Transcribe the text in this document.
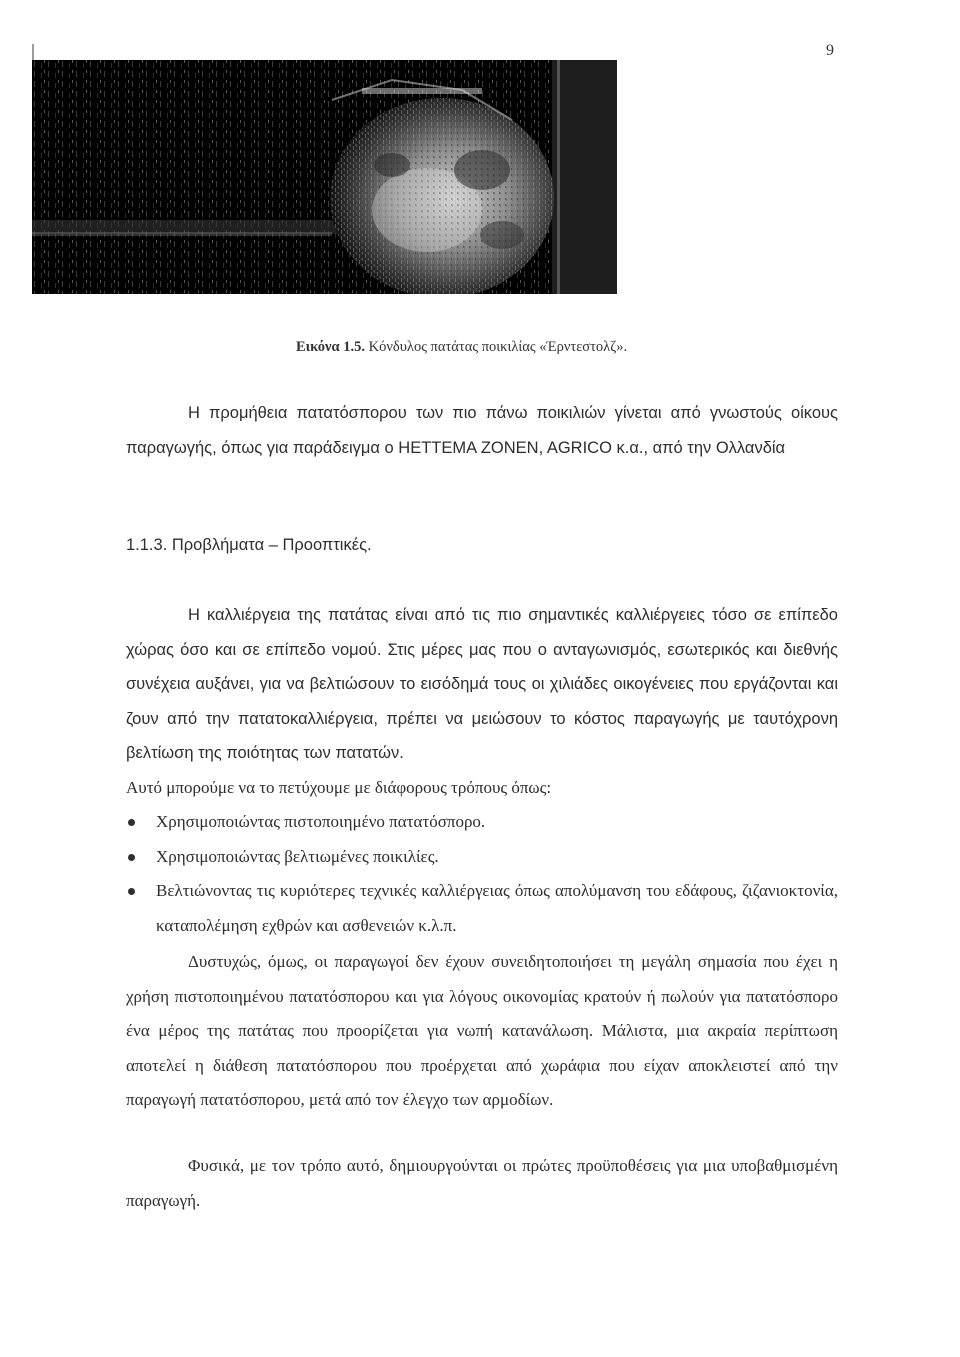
9
Εικόνα 1.5. Κόνδυλος πατάτας ποικιλίας «Έρντεστολζ».
Η προμήθεια πατατόσπορου των πιο πάνω ποικιλιών γίνεται από γνωστούς οίκους παραγωγής, όπως για παράδειγμα ο HETTEMA ZONEN, AGRICO κ.α., από την Ολλανδία
1.1.3. Προβλήματα – Προοπτικές.
Η καλλιέργεια της πατάτας είναι από τις πιο σημαντικές καλλιέργειες τόσο σε επίπεδο χώρας όσο και σε επίπεδο νομού. Στις μέρες μας που ο ανταγωνισμός, εσωτερικός και διεθνής συνέχεια αυξάνει, για να βελτιώσουν το εισόδημά τους οι χιλιάδες οικογένειες που εργάζονται και ζουν από την πατατοκαλλιέργεια, πρέπει να μειώσουν το κόστος παραγωγής με ταυτόχρονη βελτίωση της ποιότητας των πατατών.
Αυτό μπορούμε να το πετύχουμε με διάφορους τρόπους όπως:
Χρησιμοποιώντας πιστοποιημένο πατατόσπορο.
Χρησιμοποιώντας βελτιωμένες ποικιλίες.
Βελτιώνοντας τις κυριότερες τεχνικές καλλιέργειας όπως απολύμανση του εδάφους, ζιζανιοκτονία, καταπολέμηση εχθρών και ασθενειών κ.λ.π.
Δυστυχώς, όμως, οι παραγωγοί δεν έχουν συνειδητοποιήσει τη μεγάλη σημασία που έχει η χρήση πιστοποιημένου πατατόσπορου και για λόγους οικονομίας κρατούν ή πωλούν για πατατόσπορο ένα μέρος της πατάτας που προορίζεται για νωπή κατανάλωση. Μάλιστα, μια ακραία περίπτωση αποτελεί η διάθεση πατατόσπορου που προέρχεται από χωράφια που είχαν αποκλειστεί από την παραγωγή πατατόσπορου, μετά από τον έλεγχο των αρμοδίων.
Φυσικά, με τον τρόπο αυτό, δημιουργούνται οι πρώτες προϋποθέσεις για μια υποβαθμισμένη παραγωγή.
